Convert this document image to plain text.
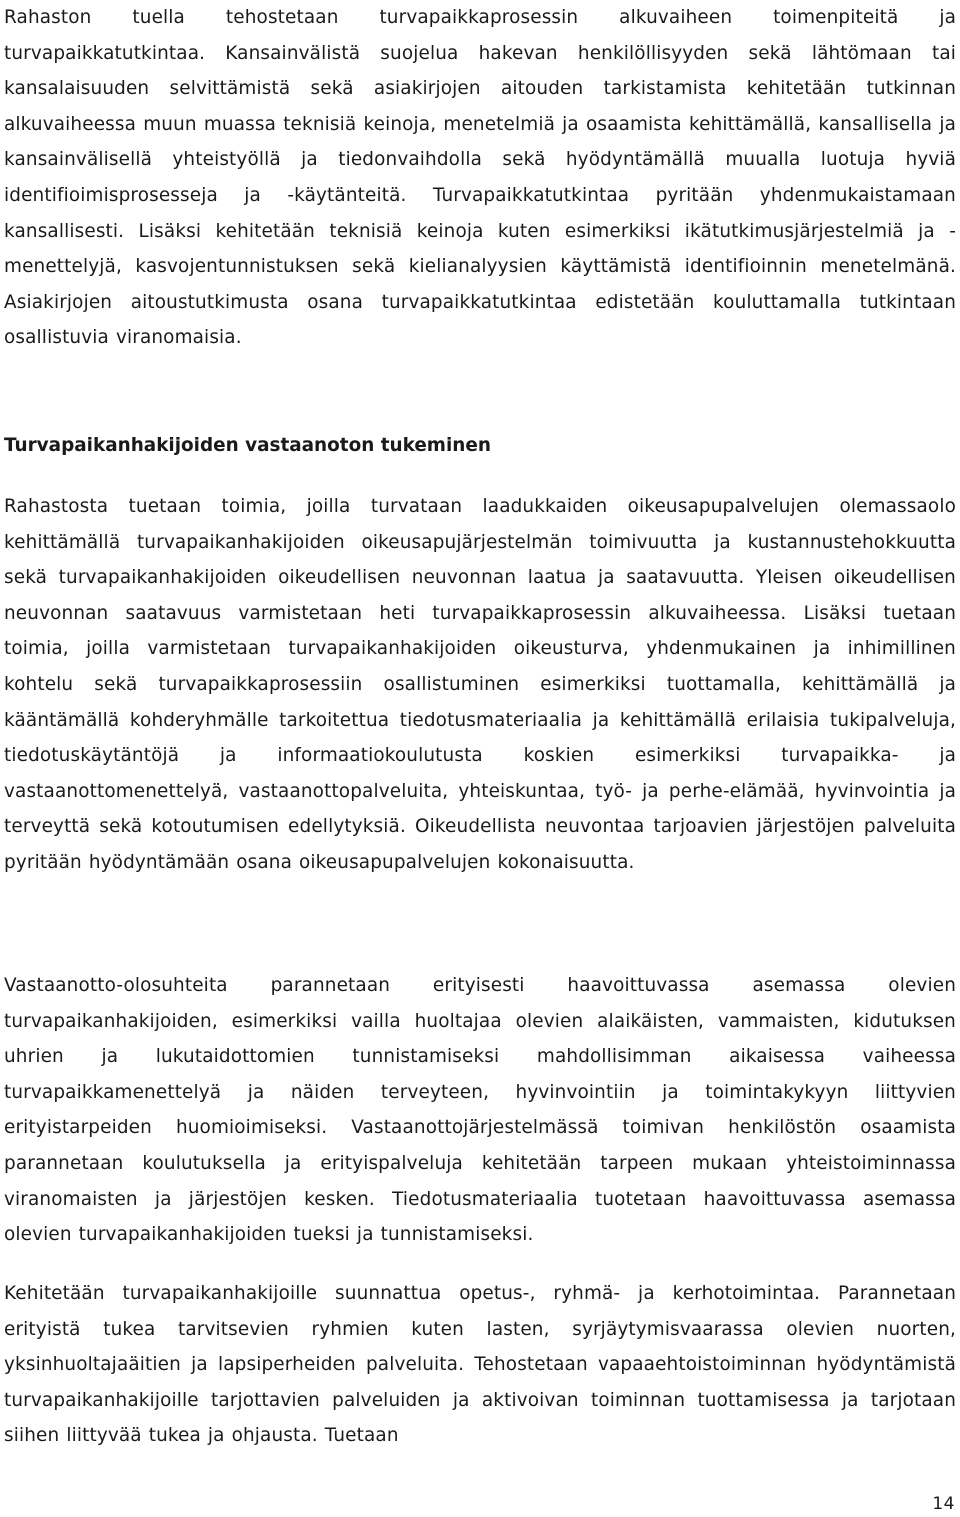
Rahaston tuella tehostetaan turvapaikkaprosessin alkuvaiheen toimenpiteitä ja turvapaikkatutkintaa. Kansainvälistä suojelua hakevan henkilöllisyyden sekä lähtömaan tai kansalaisuuden selvittämistä sekä asiakirjojen aitouden tarkistamista kehitetään tutkinnan alkuvaiheessa muun muassa teknisiä keinoja, menetelmiä ja osaamista kehittämällä, kansallisella ja kansainvälisellä yhteistyöllä ja tiedonvaihdolla sekä hyödyntämällä muualla luotuja hyviä identifioimisprosesseja ja -käytänteitä. Turvapaikkatutkintaa pyritään yhdenmukaistamaan kansallisesti. Lisäksi kehitetään teknisiä keinoja kuten esimerkiksi ikätutkimusjärjestelmiä ja -menettelyjä, kasvojentunnistuksen sekä kielianalyysien käyttämistä identifioinnin menetelmänä. Asiakirjojen aitoustutkimusta osana turvapaikkatutkintaa edistetään kouluttamalla tutkintaan osallistuvia viranomaisia.

Turvapaikanhakijoiden vastaanoton tukeminen

Rahastosta tuetaan toimia, joilla turvataan laadukkaiden oikeusapupalvelujen olemassaolo kehittämällä turvapaikanhakijoiden oikeusapujärjestelmän toimivuutta ja kustannustehokkuutta sekä turvapaikanhakijoiden oikeudellisen neuvonnan laatua ja saatavuutta. Yleisen oikeudellisen neuvonnan saatavuus varmistetaan heti turvapaikkaprosessin alkuvaiheessa. Lisäksi tuetaan toimia, joilla varmistetaan turvapaikanhakijoiden oikeusturva, yhdenmukainen ja inhimillinen kohtelu sekä turvapaikkaprosessiin osallistuminen esimerkiksi tuottamalla, kehittämällä ja kääntämällä kohderyhmälle tarkoitettua tiedotusmateriaalia ja kehittämällä erilaisia tukipalveluja, tiedotuskäytäntöjä ja informaatiokoulutusta koskien esimerkiksi turvapaikka- ja vastaanottomenettelyä, vastaanottopalveluita, yhteiskuntaa, työ- ja perhe-elämää, hyvinvointia ja terveyttä sekä kotoutumisen edellytyksiä. Oikeudellista neuvontaa tarjoavien järjestöjen palveluita pyritään hyödyntämään osana oikeusapupalvelujen kokonaisuutta.

Vastaanotto-olosuhteita parannetaan erityisesti haavoittuvassa asemassa olevien turvapaikanhakijoiden, esimerkiksi vailla huoltajaa olevien alaikäisten, vammaisten, kidutuksen uhrien ja lukutaidottomien tunnistamiseksi mahdollisimman aikaisessa vaiheessa turvapaikkamenettelyä ja näiden terveyteen, hyvinvointiin ja toimintakykyyn liittyvien erityistarpeiden huomioimiseksi. Vastaanottojärjestelmässä toimivan henkilöstön osaamista parannetaan koulutuksella ja erityispalveluja kehitetään tarpeen mukaan yhteistoiminnassa viranomaisten ja järjestöjen kesken. Tiedotusmateriaalia tuotetaan haavoittuvassa asemassa olevien turvapaikanhakijoiden tueksi ja tunnistamiseksi.

Kehitetään turvapaikanhakijoille suunnattua opetus-, ryhmä- ja kerhotoimintaa. Parannetaan erityistä tukea tarvitsevien ryhmien kuten lasten, syrjäytymisvaarassa olevien nuorten, yksinhuoltajaäitien ja lapsiperheiden palveluita. Tehostetaan vapaaehtoistoiminnan hyödyntämistä turvapaikanhakijoille tarjottavien palveluiden ja aktivoivan toiminnan tuottamisessa ja tarjotaan siihen liittyvää tukea ja ohjausta. Tuetaan

14
